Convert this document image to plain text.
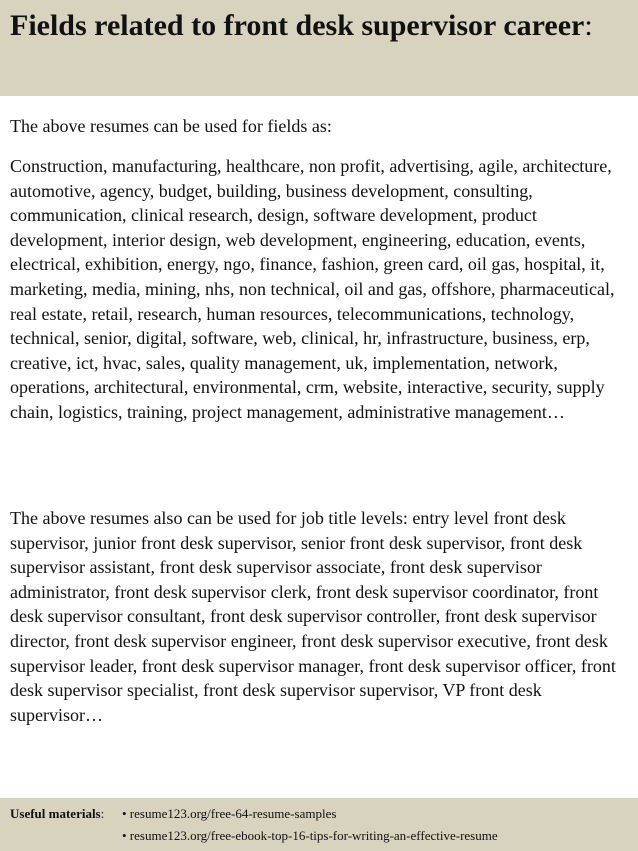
Fields related to front desk supervisor career:

The above resumes can be used for fields as:

Construction, manufacturing, healthcare, non profit, advertising, agile, architecture, automotive, agency, budget, building, business development, consulting, communication, clinical research, design, software development, product development, interior design, web development, engineering, education, events, electrical, exhibition, energy, ngo, finance, fashion, green card, oil gas, hospital, it, marketing, media, mining, nhs, non technical, oil and gas, offshore, pharmaceutical, real estate, retail, research, human resources, telecommunications, technology, technical, senior, digital, software, web, clinical, hr, infrastructure, business, erp, creative, ict, hvac, sales, quality management, uk, implementation, network, operations, architectural, environmental, crm, website, interactive, security, supply chain, logistics, training, project management, administrative management…

The above resumes also can be used for job title levels: entry level front desk supervisor, junior front desk supervisor, senior front desk supervisor, front desk supervisor assistant, front desk supervisor associate, front desk supervisor administrator, front desk supervisor clerk, front desk supervisor coordinator, front desk supervisor consultant, front desk supervisor controller, front desk supervisor director, front desk supervisor engineer, front desk supervisor executive, front desk supervisor leader, front desk supervisor manager, front desk supervisor officer, front desk supervisor specialist, front desk supervisor supervisor, VP front desk supervisor…

Useful materials:	• resume123.org/free-64-resume-samples
• resume123.org/free-ebook-top-16-tips-for-writing-an-effective-resume
